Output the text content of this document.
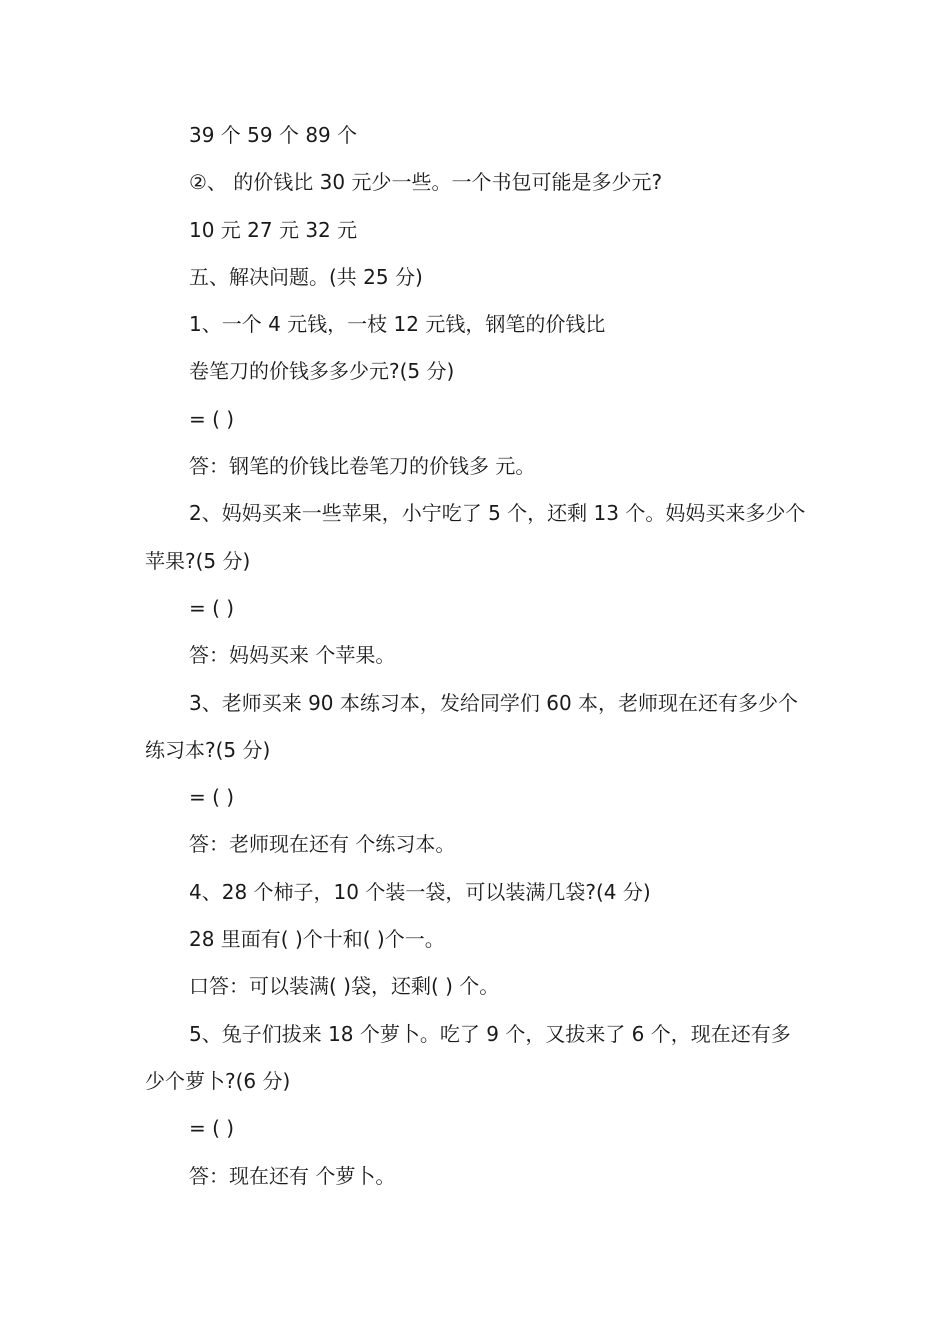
39 个 59 个 89 个

②、 的价钱比 30 元少一些。一个书包可能是多少元?

10 元 27 元 32 元

五、解决问题。(共 25 分)

1、一个 4 元钱，一枝 12 元钱，钢笔的价钱比

卷笔刀的价钱多多少元?(5 分)

= ( )

答：钢笔的价钱比卷笔刀的价钱多 元。

2、妈妈买来一些苹果，小宁吃了 5 个，还剩 13 个。妈妈买来多少个苹果?(5 分)

= ( )

答：妈妈买来 个苹果。

3、老师买来 90 本练习本，发给同学们 60 本，老师现在还有多少个练习本?(5 分)

= ( )

答：老师现在还有 个练习本。

4、28 个柿子，10 个装一袋，可以装满几袋?(4 分)

28 里面有( )个十和( )个一。

口答：可以装满( )袋，还剩( ) 个。

5、兔子们拔来 18 个萝卜。吃了 9 个，又拔来了 6 个，现在还有多少个萝卜?(6 分)

= ( )

答：现在还有 个萝卜。
